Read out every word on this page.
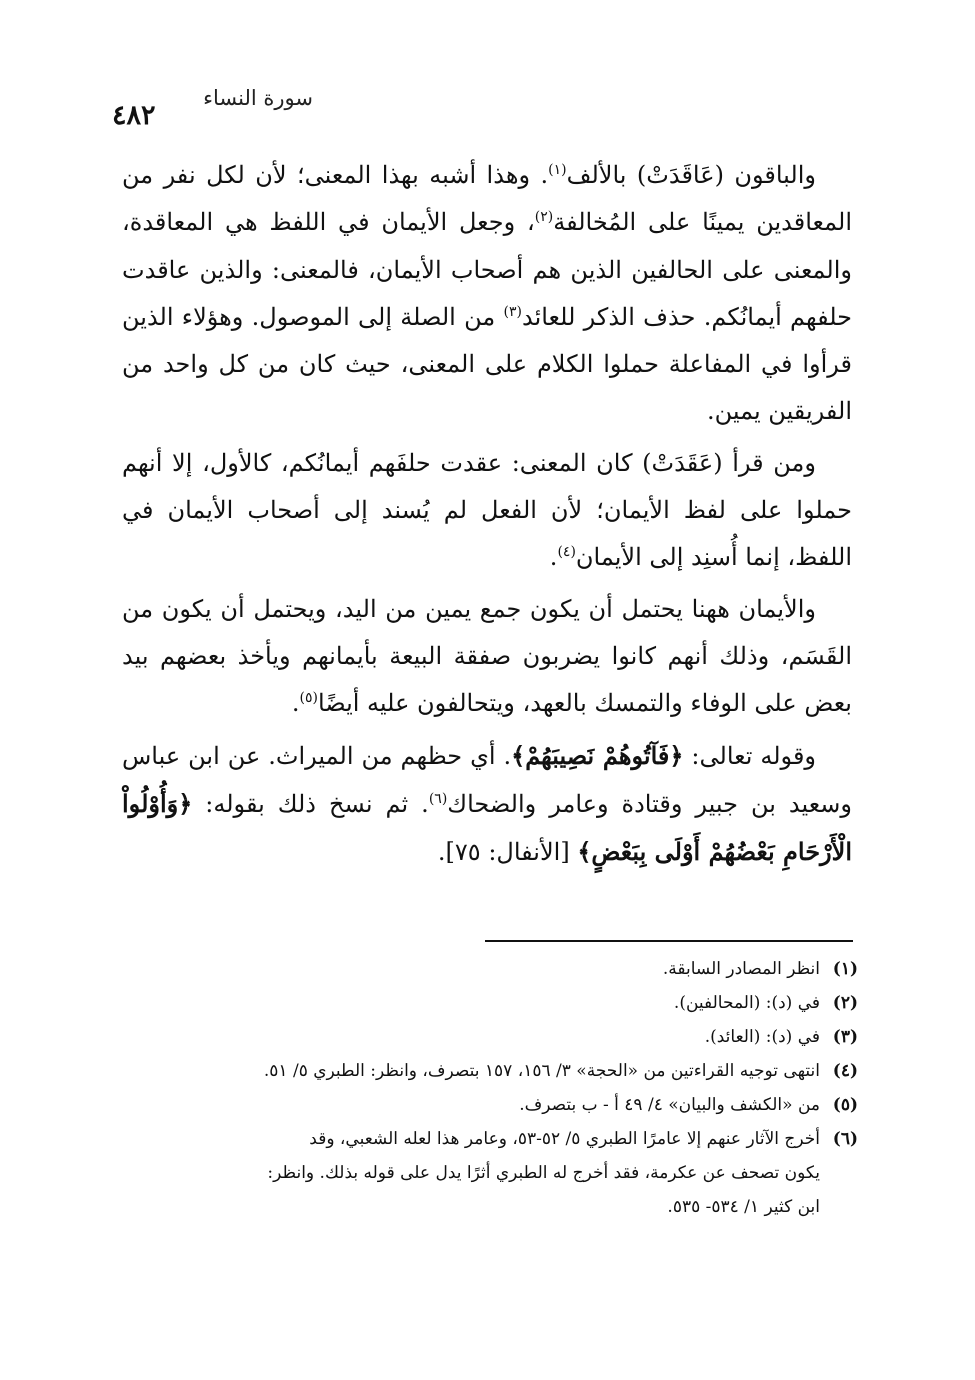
سورة النساء
٤٨٢

والباقون (عَاقَدَتْ) بالألف$^{(١)}$. وهذا أشبه بهذا المعنى؛ لأن لكل نفر من المعاقدين يمينًا على المُخالفة$^{(٢)}$، وجعل الأيمان في اللفظ هي المعاقدة، والمعنى على الحالفين الذين هم أصحاب الأيمان، فالمعنى: والذين عاقدت حلفهم أيمانُكم. حذف الذكر للعائد$^{(٣)}$ من الصلة إلى الموصول. وهؤلاء الذين قرأوا في المفاعلة حملوا الكلام على المعنى، حيث كان من كل واحد من الفريقين يمين.

ومن قرأ (عَقَدَتْ) كان المعنى: عقدت حلفَهم أيمانُكم، كالأول، إلا أنهم حملوا على لفظ الأيمان؛ لأن الفعل لم يُسند إلى أصحاب الأيمان في اللفظ، إنما أُسنِد إلى الأيمان$^{(٤)}$.

والأيمان ههنا يحتمل أن يكون جمع يمين من اليد، ويحتمل أن يكون من القَسَم، وذلك أنهم كانوا يضربون صفقة البيعة بأيمانهم ويأخذ بعضهم بيد بعض على الوفاء والتمسك بالعهد، ويتحالفون عليه أيضًا$^{(٥)}$.

وقوله تعالى: ﴿فَآتُوهُمْ نَصِيبَهُمْ﴾. أي حظهم من الميراث. عن ابن عباس وسعيد بن جبير وقتادة وعامر والضحاك$^{(٦)}$. ثم نسخ ذلك بقوله: ﴿وَأُوْلُواْ الْأَرْحَامِ بَعْضُهُمْ أَوْلَى بِبَعْضٍ﴾ [الأنفال: ٧٥].

(١)
انظر المصادر السابقة.
(٢)
في (د): (المحالفين).
(٣)
في (د): (العائد).
(٤)
انتهى توجيه القراءتين من «الحجة» ٣/ ١٥٦، ١٥٧ بتصرف، وانظر: الطبري ٥/ ٥١.
(٥)
من «الكشف والبيان» ٤/ ٤٩ أ - ب بتصرف.
(٦)
أخرج الآثار عنهم إلا عامرًا الطبري ٥/ ٥٢-٥٣، وعامر هذا لعله الشعبي، وقد
يكون تصحف عن عكرمة، فقد أخرج له الطبري أثرًا يدل على قوله بذلك. وانظر:
ابن كثير ١/ ٥٣٤- ٥٣٥.
